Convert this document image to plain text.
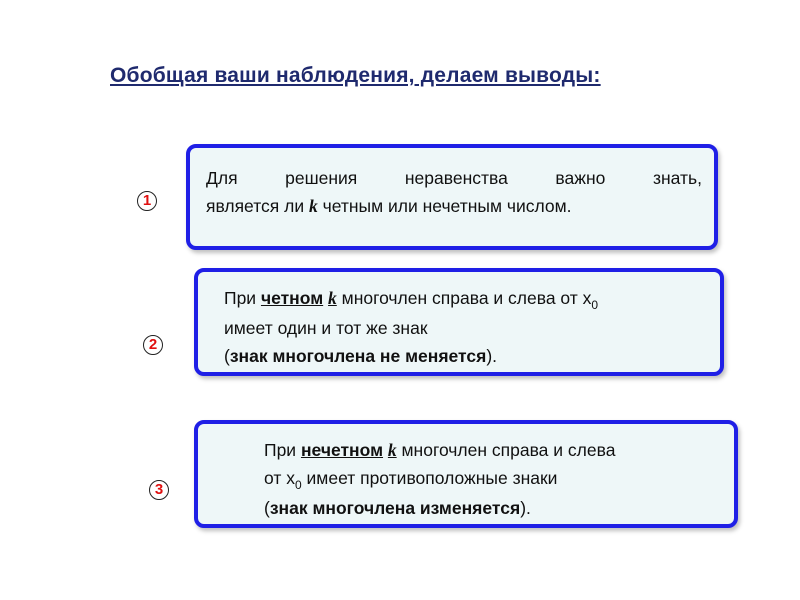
Обобщая ваши наблюдения, делаем выводы:
1
Для решения неравенства важно знать,
является ли k четным или нечетным числом.
2
При четном k многочлен справа и слева от $x_0$
имеет один и тот же знак
(знак многочлена не меняется).
3
При нечетном k многочлен справа и слева
от $x_0$ имеет противоположные знаки
(знак многочлена изменяется).
